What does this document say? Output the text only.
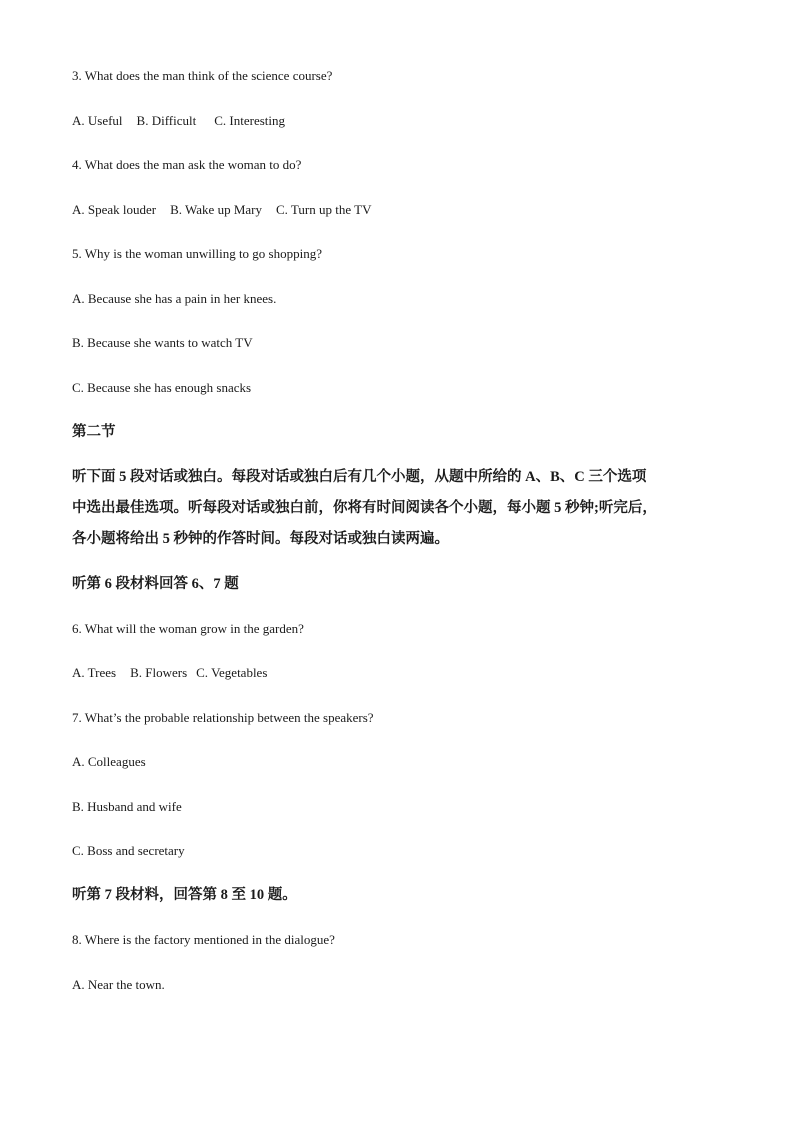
3. What does the man think of the science course?
A. Useful B. Difficult C. Interesting
4. What does the man ask the woman to do?
A. Speak louder B. Wake up Mary C. Turn up the TV
5. Why is the woman unwilling to go shopping?
A. Because she has a pain in her knees.
B. Because she wants to watch TV
C. Because she has enough snacks
第二节
听下面 5 段对话或独白。每段对话或独白后有几个小题，从题中所给的 A、B、C 三个选项
中选出最佳选项。听每段对话或独白前，你将有时间阅读各个小题，每小题 5 秒钟;听完后，
各小题将给出 5 秒钟的作答时间。每段对话或独白读两遍。
听第 6 段材料回答 6、7 题
6. What will the woman grow in the garden?
A. Trees B. Flowers C. Vegetables
7. What’s the probable relationship between the speakers?
A. Colleagues
B. Husband and wife
C. Boss and secretary
听第 7 段材料，回答第 8 至 10 题。
8. Where is the factory mentioned in the dialogue?
A. Near the town.
